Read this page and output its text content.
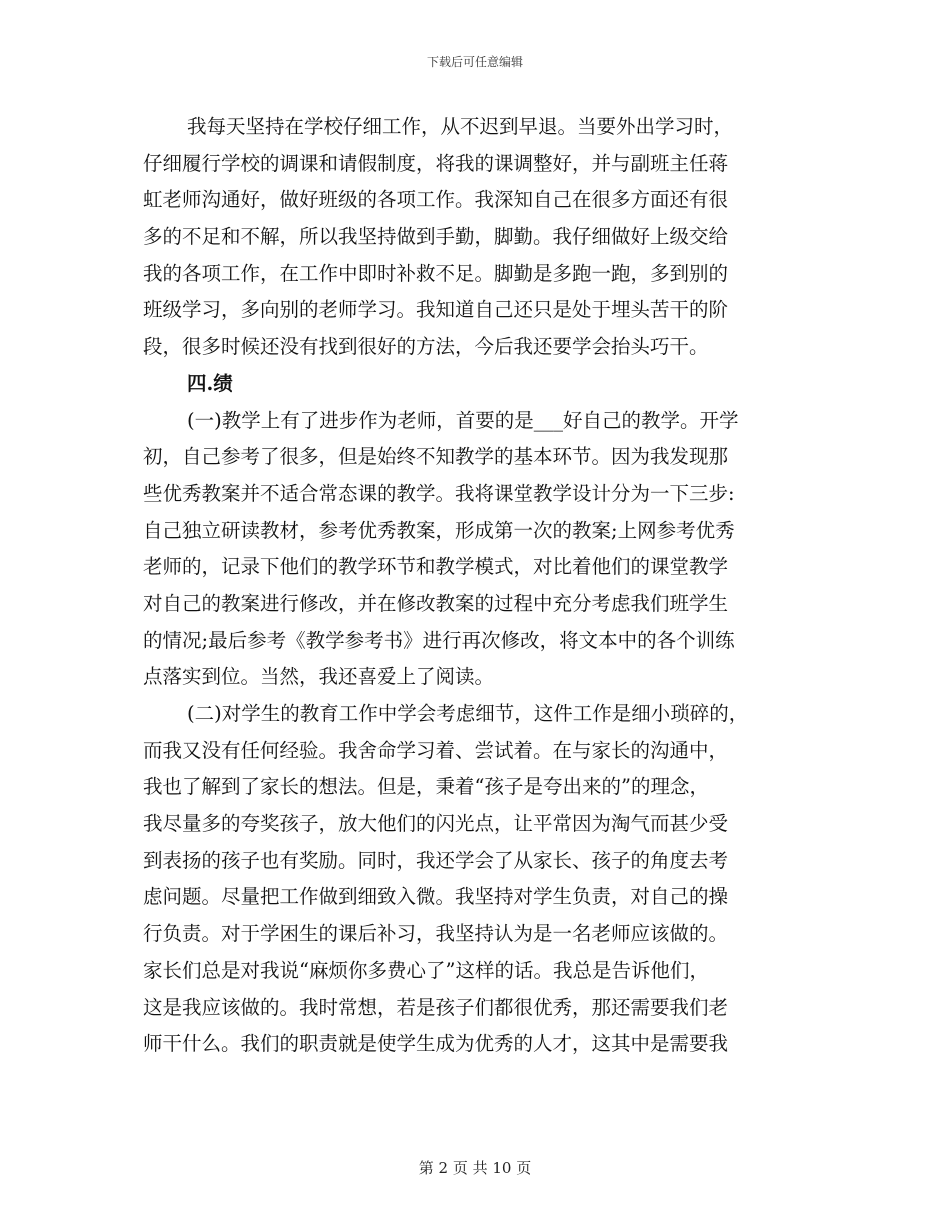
下载后可任意编辑
我每天坚持在学校仔细工作，从不迟到早退。当要外出学习时，
仔细履行学校的调课和请假制度，将我的课调整好，并与副班主任蒋
虹老师沟通好，做好班级的各项工作。我深知自己在很多方面还有很
多的不足和不解，所以我坚持做到手勤，脚勤。我仔细做好上级交给
我的各项工作，在工作中即时补救不足。脚勤是多跑一跑，多到别的
班级学习，多向别的老师学习。我知道自己还只是处于埋头苦干的阶
段，很多时候还没有找到很好的方法，今后我还要学会抬头巧干。
四.绩
(一)教学上有了进步作为老师，首要的是___好自己的教学。开学
初，自己参考了很多，但是始终不知教学的基本环节。因为我发现那
些优秀教案并不适合常态课的教学。我将课堂教学设计分为一下三步:
自己独立研读教材，参考优秀教案，形成第一次的教案;上网参考优秀
老师的，记录下他们的教学环节和教学模式，对比着他们的课堂教学
对自己的教案进行修改，并在修改教案的过程中充分考虑我们班学生
的情况;最后参考《教学参考书》进行再次修改，将文本中的各个训练
点落实到位。当然，我还喜爱上了阅读。
(二)对学生的教育工作中学会考虑细节，这件工作是细小琐碎的，
而我又没有任何经验。我舍命学习着、尝试着。在与家长的沟通中，
我也了解到了家长的想法。但是，秉着“孩子是夸出来的”的理念，
我尽量多的夸奖孩子，放大他们的闪光点，让平常因为淘气而甚少受
到表扬的孩子也有奖励。同时，我还学会了从家长、孩子的角度去考
虑问题。尽量把工作做到细致入微。我坚持对学生负责，对自己的操
行负责。对于学困生的课后补习，我坚持认为是一名老师应该做的。
家长们总是对我说“麻烦你多费心了”这样的话。我总是告诉他们，
这是我应该做的。我时常想，若是孩子们都很优秀，那还需要我们老
师干什么。我们的职责就是使学生成为优秀的人才，这其中是需要我
第 2 页 共 10 页
